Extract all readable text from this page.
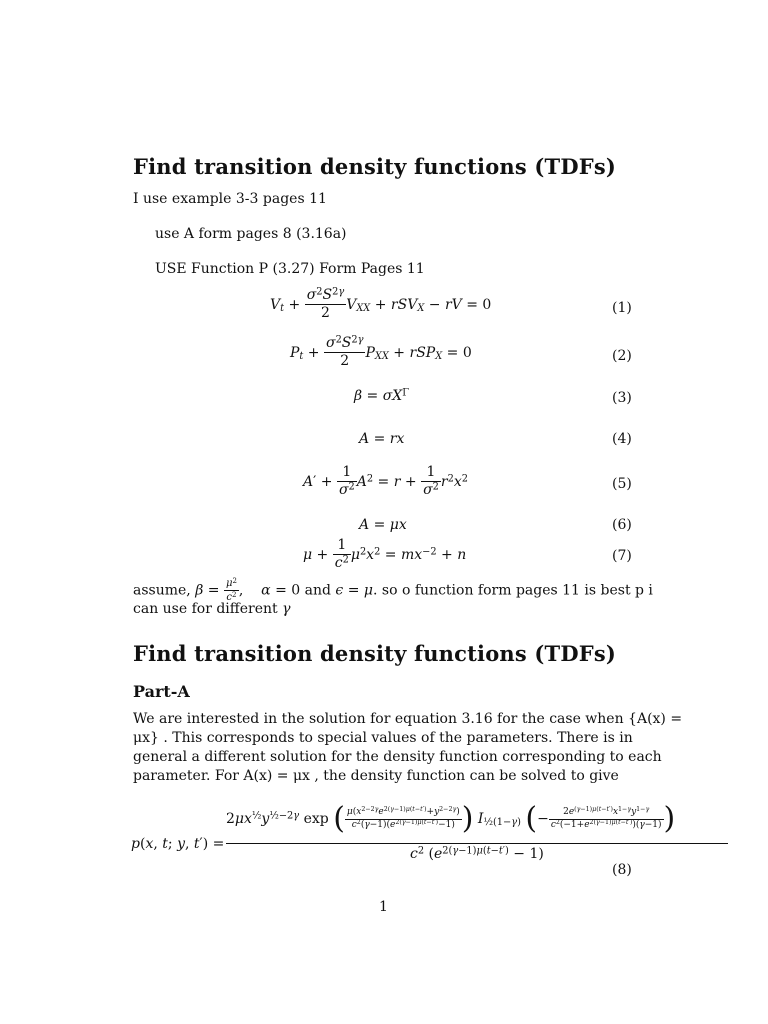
Find transition density functions (TDFs)
I use example 3-3 pages 11
use A form pages 8 (3.16a)
USE Function P (3.27) Form Pages 11
$V_t + \frac{\sigma^2S^{2\gamma}}{2} V_{XX} + rSV_X$ − rV = 0	(1)
$P_t + \frac{\sigma^2S^{2\gamma}}{2} P_{XX} + rSP_X = 0$	(2)
$\beta = \sigma X^\Gamma$	(3)
A = rx	(4)
$A' + \frac{1}{\sigma^2} A^2 = r + \frac{1}{\sigma^2} r^2x^2$	(5)
A = μx	(6)
$\mu + \frac{1}{c^2} \mu^2x^2 = mx^{-2} + n$	(7)
assume, $\beta = \frac{\mu^2}{c^2}$ ,    α = 0 and ϵ = μ. so o function form pages 11 is best p i
can use for different γ
Find transition density functions (TDFs)
Part-A
We are interested in the solution for equation 3.16 for the case when {A(x) =
μx} . This corresponds to special values of the parameters. There is in
general a different solution for the density function corresponding to each
parameter. For A(x) = μx , the density function can be solved to give
p(x, t; y, t′) =
$2\mu x^{\frac{1}{2}}y^{\frac{1}{2}-2\gamma}$ exp ( $\frac{\mu(x^{2-2\gamma}e^{2(\gamma-1)\mu(t-t')}+y^{2-2\gamma})}{c^2(\gamma-1)(e^{2(\gamma-1)\mu(t-t')}-1)}$ ) $I_{\frac{1}{2}(1-\gamma)}$ (− $\frac{2e^{(\gamma-1)\mu(t-t')}x^{1-\gamma}y^{1-\gamma}}{c^2(-1+e^{2(\gamma-1)\mu(t-t')})(\gamma-1)}$ )
$c^2$ $(e^{2(\gamma-1)\mu(t-t')} - 1)$
(8)
1
